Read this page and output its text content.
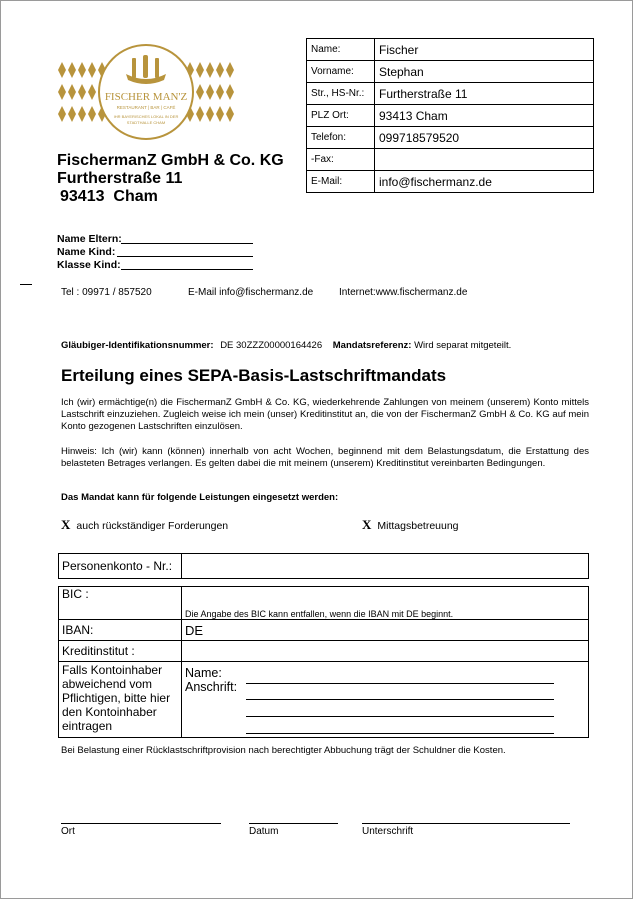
FISCHER MAN'Z
RESTAURANT | BAR | CAFÉ
IHR BAYERISCHES LOKAL IN DER
STADTHALLE CHAM
FischermanZ GmbH & Co. KG
Furtherstraße 11
93413  Cham
Name:	Fischer
Vorname:	Stephan
Str., HS-Nr.:	Furtherstraße 11
PLZ Ort:	93413 Cham
Telefon:	099718579520
-Fax:	
E-Mail:	info@fischermanz.de
Name Eltern:
Name Kind:
Klasse Kind:
Tel : 09971 / 857520	E-Mail info@fischermanz.de	Internet:www.fischermanz.de
Gläubiger-Identifikationsnummer: DE 30ZZZ00000164426 Mandatsreferenz: Wird separat mitgeteilt.
Erteilung eines SEPA-Basis-Lastschriftmandats
Ich (wir) ermächtige(n) die FischermanZ GmbH & Co. KG, wiederkehrende Zahlungen von meinem (unserem) Konto mittels Lastschrift einzuziehen. Zugleich weise ich mein (unser) Kreditinstitut an, die von der FischermanZ GmbH & Co. KG auf mein Konto gezogenen Lastschriften einzulösen.
Hinweis: Ich (wir) kann (können) innerhalb von acht Wochen, beginnend mit dem Belastungsdatum, die Erstattung des belasteten Betrages verlangen. Es gelten dabei die mit meinem (unserem) Kreditinstitut vereinbarten Bedingungen.
Das Mandat kann für folgende Leistungen eingesetzt werden:
X auch rückständiger Forderungen	X Mittagsbetreuung
Personenkonto - Nr.:	
BIC :	Die Angabe des BIC kann entfallen, wenn die IBAN mit DE beginnt.
IBAN:	DE
Kreditinstitut :	
Falls Kontoinhaber abweichend vom Pflichtigen, bitte hier den Kontoinhaber eintragen	Name:
Anschrift:
Bei Belastung einer Rücklastschriftprovision nach berechtigter Abbuchung trägt der Schuldner die Kosten.
Ort	Datum	Unterschrift
